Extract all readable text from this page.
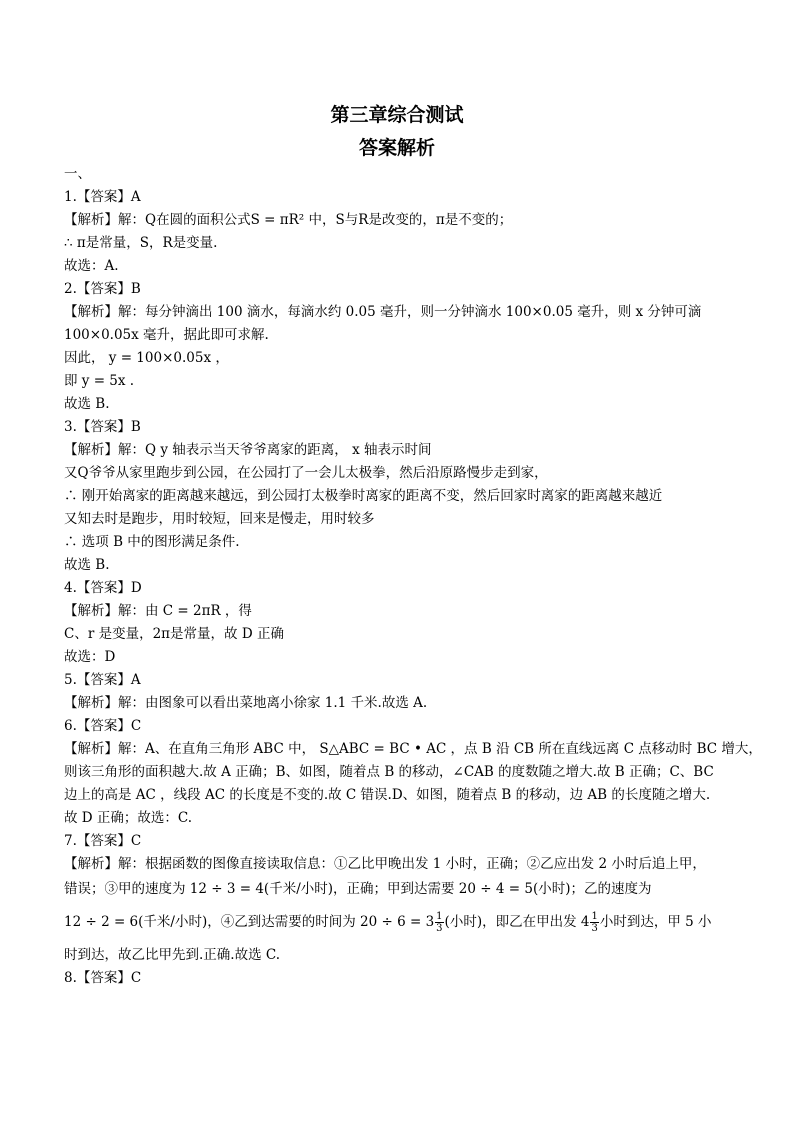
第三章综合测试
答案解析
一、
1.【答案】A
【解析】解：Q在圆的面积公式S = πR² 中，S与R是改变的，π是不变的；
∴ π是常量，S，R是变量.
故选：A.
2.【答案】B
【解析】解：每分钟滴出 100 滴水，每滴水约 0.05 毫升，则一分钟滴水 100×0.05 毫升，则 x 分钟可滴
100×0.05x 毫升，据此即可求解.
因此， y = 100×0.05x ，
即 y = 5x .
故选 B.
3.【答案】B
【解析】解：Q y 轴表示当天爷爷离家的距离， x 轴表示时间
又Q爷爷从家里跑步到公园，在公园打了一会儿太极拳，然后沿原路慢步走到家，
∴ 刚开始离家的距离越来越远，到公园打太极拳时离家的距离不变，然后回家时离家的距离越来越近
又知去时是跑步，用时较短，回来是慢走，用时较多
∴ 选项 B 中的图形满足条件.
故选 B.
4.【答案】D
【解析】解：由 C = 2πR ，得
C、r 是变量，2π是常量，故 D 正确
故选：D
5.【答案】A
【解析】解：由图象可以看出菜地离小徐家 1.1 千米.故选 A.
6.【答案】C
【解析】解：A、在直角三角形 ABC 中， S△ABC = BC • AC ，点 B 沿 CB 所在直线远离 C 点移动时 BC 增大，
则该三角形的面积越大.故 A 正确；B、如图，随着点 B 的移动，∠CAB 的度数随之增大.故 B 正确；C、BC
边上的高是 AC ，线段 AC 的长度是不变的.故 C 错误.D、如图，随着点 B 的移动，边 AB 的长度随之增大.
故 D 正确；故选：C.
7.【答案】C
【解析】解：根据函数的图像直接读取信息：①乙比甲晚出发 1 小时，正确；②乙应出发 2 小时后追上甲，
错误；③甲的速度为 12 ÷ 3 = 4(千米/小时)，正确；甲到达需要 20 ÷ 4 = 5(小时)；乙的速度为
12 ÷ 2 = 6(千米/小时)，④乙到达需要的时间为 $20 \div 6 = 3 \frac{1}{3}$ (小时)，即乙在甲出发 $4 \frac{1}{3}$ 小时到达，甲 5 小
时到达，故乙比甲先到.正确.故选 C.
8.【答案】C
